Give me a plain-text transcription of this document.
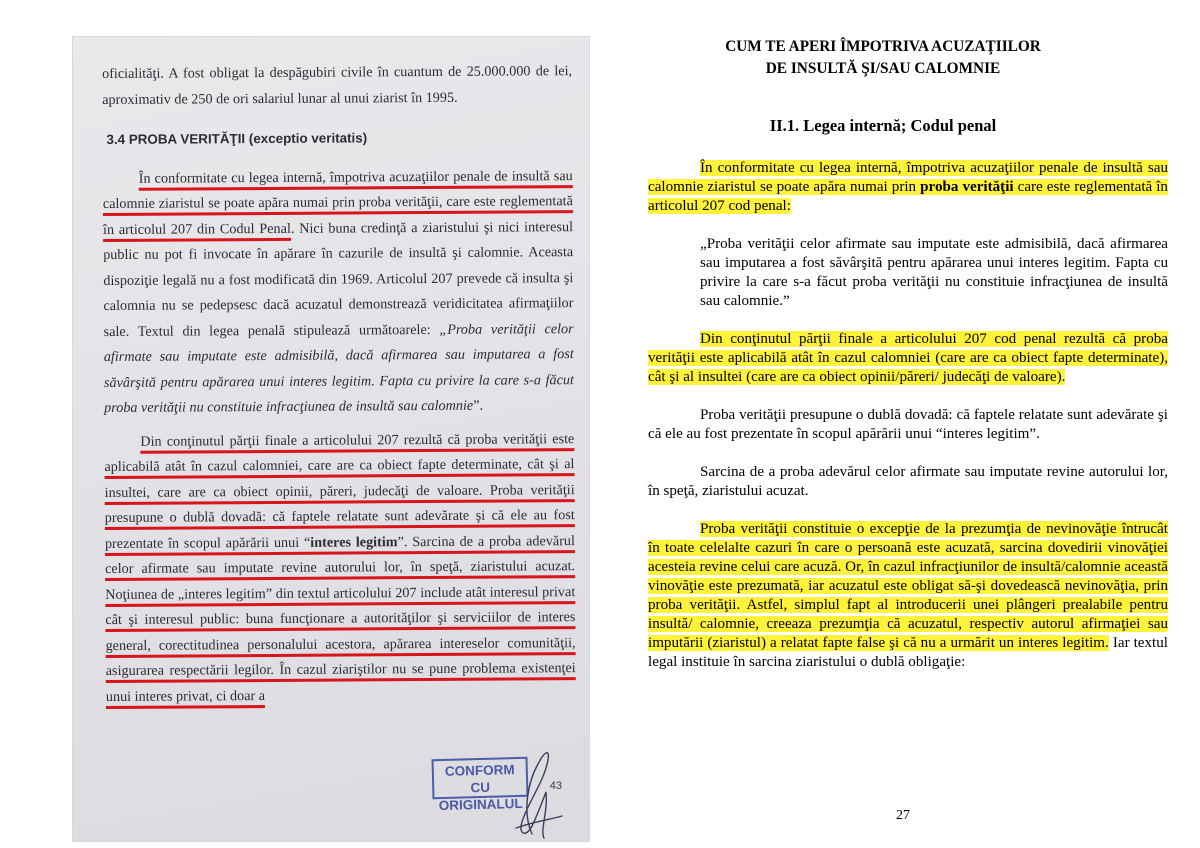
oficialităţi. A fost obligat la despăgubiri civile în cuantum de 25.000.000 de lei, aproximativ de 250 de ori salariul lunar al unui ziarist în 1995.

3.4 PROBA VERITĂŢII (exceptio veritatis)

În conformitate cu legea internă, împotriva acuzaţiilor penale de insultă sau calomnie ziaristul se poate apăra numai prin proba verităţii, care este reglementată în articolul 207 din Codul Penal. Nici buna credinţă a ziaristului şi nici interesul public nu pot fi invocate în apărare în cazurile de insultă şi calomnie. Aceasta dispoziţie legală nu a fost modificată din 1969. Articolul 207 prevede că insulta şi calomnia nu se pedepsesc dacă acuzatul demonstrează veridicitatea afirmaţiilor sale. Textul din legea penală stipulează următoarele: „Proba verităţii celor afirmate sau imputate este admisibilă, dacă afirmarea sau imputarea a fost săvârşită pentru apărarea unui interes legitim. Fapta cu privire la care s-a făcut proba verităţii nu constituie infracţiunea de insultă sau calomnie”.

Din conţinutul părţii finale a articolului 207 rezultă că proba verităţii este aplicabilă atât în cazul calomniei, care are ca obiect fapte determinate, cât şi al insultei, care are ca obiect opinii, păreri, judecăţi de valoare. Proba verităţii presupune o dublă dovadă: că faptele relatate sunt adevărate şi că ele au fost prezentate în scopul apărării unui “interes legitim”. Sarcina de a proba adevărul celor afirmate sau imputate revine autorului lor, în speţă, ziaristului acuzat. Noţiunea de „interes legitim” din textul articolului 207 include atât interesul privat cât şi interesul public: buna funcţionare a autorităţilor şi serviciilor de interes general, corectitudinea personalului acestora, apărarea intereselor comunităţii, asigurarea respectării legilor. În cazul ziariştilor nu se pune problema existenţei unui interes privat, ci doar a

CONFORM CU
ORIGINALUL
43

CUM TE APERI ÎMPOTRIVA ACUZAŢIILOR

DE INSULTĂ ŞI/SAU CALOMNIE

II.1. Legea internă; Codul penal

În conformitate cu legea internă, împotriva acuzaţiilor penale de insultă sau calomnie ziaristul se poate apăra numai prin proba verităţii care este reglementată în articolul 207 cod penal:

„Proba verităţii celor afirmate sau imputate este admisibilă, dacă afirmarea sau imputarea a fost săvârşită pentru apărarea unui interes legitim. Fapta cu privire la care s-a făcut proba verităţii nu constituie infracţiunea de insultă sau calomnie.”

Din conţinutul părţii finale a articolului 207 cod penal rezultă că proba verităţii este aplicabilă atât în cazul calomniei (care are ca obiect fapte determinate), cât şi al insultei (care are ca obiect opinii/păreri/ judecăţi de valoare).

Proba verităţii presupune o dublă dovadă: că faptele relatate sunt adevărate şi că ele au fost prezentate în scopul apărării unui “interes legitim”.

Sarcina de a proba adevărul celor afirmate sau imputate revine autorului lor, în speţă, ziaristului acuzat.

Proba verităţii constituie o excepţie de la prezumţia de nevinovăţie întrucât în toate celelalte cazuri în care o persoană este acuzată, sarcina dovedirii vinovăţiei acesteia revine celui care acuză. Or, în cazul infracţiunilor de insultă/calomnie această vinovăţie este prezumată, iar acuzatul este obligat să-şi dovedească nevinovăţia, prin proba verităţii. Astfel, simplul fapt al introducerii unei plângeri prealabile pentru insultă/ calomnie, creeaza prezumţia că acuzatul, respectiv autorul afirmaţiei sau imputării (ziaristul) a relatat fapte false şi că nu a urmărit un interes legitim. Iar textul legal instituie în sarcina ziaristului o dublă obligaţie:

27
